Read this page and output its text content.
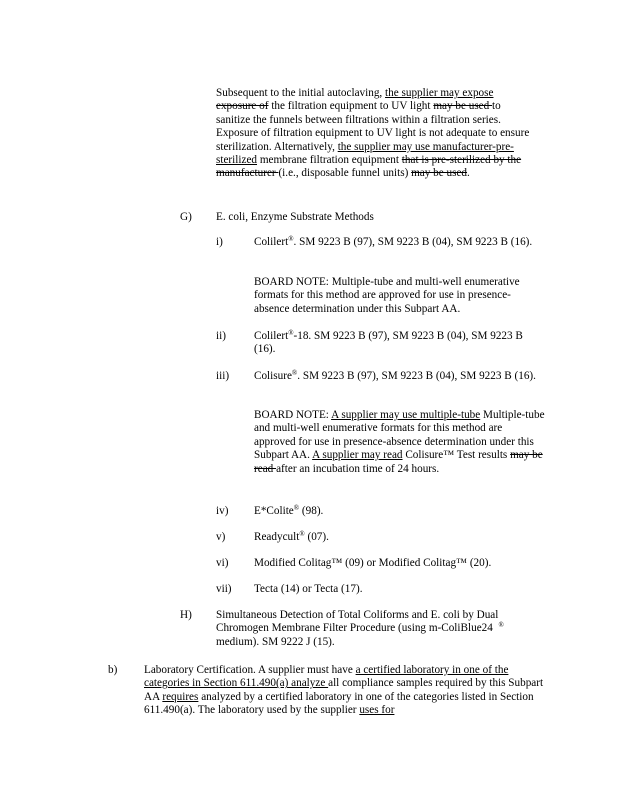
Subsequent to the initial autoclaving, the supplier may expose exposure of the filtration equipment to UV light may be used to sanitize the funnels between filtrations within a filtration series. Exposure of filtration equipment to UV light is not adequate to ensure sterilization. Alternatively, the supplier may use manufacturer-pre-sterilized membrane filtration equipment that is pre-sterilized by the manufacturer (i.e., disposable funnel units) may be used.
G) E. coli, Enzyme Substrate Methods
i)	Colilert®. SM 9223 B (97), SM 9223 B (04), SM 9223 B (16).
BOARD NOTE: Multiple-tube and multi-well enumerative formats for this method are approved for use in presence-absence determination under this Subpart AA.
ii)	Colilert®-18. SM 9223 B (97), SM 9223 B (04), SM 9223 B (16).
iii) Colisure®. SM 9223 B (97), SM 9223 B (04), SM 9223 B (16).
BOARD NOTE: A supplier may use multiple-tube Multiple-tube and multi-well enumerative formats for this method are approved for use in presence-absence determination under this Subpart AA. A supplier may read Colisure™ Test results may be read after an incubation time of 24 hours.
iv) E*Colite® (98).
v)	Readycult® (07).
vi) Modified Colitag™ (09) or Modified Colitag™ (20).
vii) Tecta (14) or Tecta (17).
H) Simultaneous Detection of Total Coliforms and E. coli by Dual Chromogen Membrane Filter Procedure (using m-ColiBlue24 ® medium). SM 9222 J (15).
b) Laboratory Certification. A supplier must have a certified laboratory in one of the categories in Section 611.490(a) analyze all compliance samples required by this Subpart AA requires analyzed by a certified laboratory in one of the categories listed in Section 611.490(a). The laboratory used by the supplier uses for
